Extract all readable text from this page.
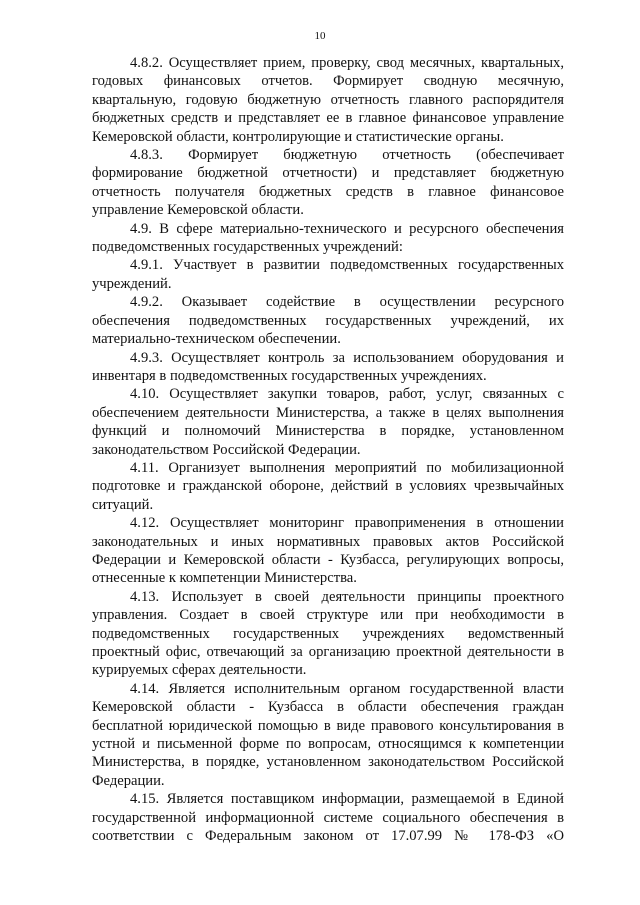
10

4.8.2. Осуществляет прием, проверку, свод месячных, квартальных, годовых финансовых отчетов. Формирует сводную месячную, квартальную, годовую бюджетную отчетность главного распорядителя бюджетных средств и представляет ее в главное финансовое управление Кемеровской области, контролирующие и статистические органы.

4.8.3. Формирует бюджетную отчетность (обеспечивает формирование бюджетной отчетности) и представляет бюджетную отчетность получателя бюджетных средств в главное финансовое управление Кемеровской области.

4.9. В сфере материально-технического и ресурсного обеспечения подведомственных государственных учреждений:

4.9.1. Участвует в развитии подведомственных государственных учреждений.

4.9.2. Оказывает содействие в осуществлении ресурсного обеспечения подведомственных государственных учреждений, их материально-техническом обеспечении.

4.9.3. Осуществляет контроль за использованием оборудования и инвентаря в подведомственных государственных учреждениях.

4.10. Осуществляет закупки товаров, работ, услуг, связанных с обеспечением деятельности Министерства, а также в целях выполнения функций и полномочий Министерства в порядке, установленном законодательством Российской Федерации.

4.11. Организует выполнения мероприятий по мобилизационной подготовке и гражданской обороне, действий в условиях чрезвычайных ситуаций.

4.12. Осуществляет мониторинг правоприменения в отношении законодательных и иных нормативных правовых актов Российской Федерации и Кемеровской области - Кузбасса, регулирующих вопросы, отнесенные к компетенции Министерства.

4.13. Использует в своей деятельности принципы проектного управления. Создает в своей структуре или при необходимости в подведомственных государственных учреждениях ведомственный проектный офис, отвечающий за организацию проектной деятельности в курируемых сферах деятельности.

4.14. Является исполнительным органом государственной власти Кемеровской области - Кузбасса в области обеспечения граждан бесплатной юридической помощью в виде правового консультирования в устной и письменной форме по вопросам, относящимся к компетенции Министерства, в порядке, установленном законодательством Российской Федерации.

4.15. Является поставщиком информации, размещаемой в Единой государственной информационной системе социального обеспечения в соответствии с Федеральным законом от 17.07.99 № 178-ФЗ «О
